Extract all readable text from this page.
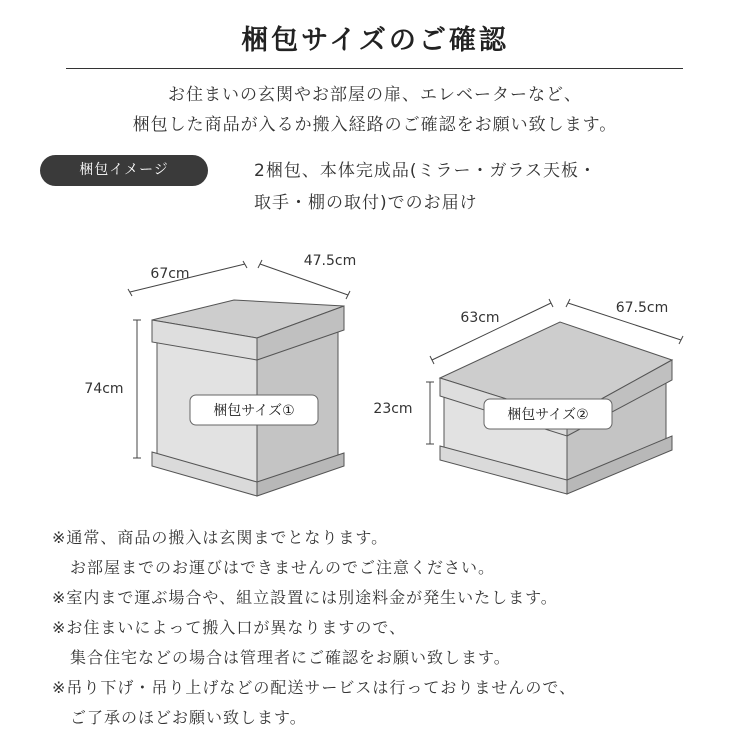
梱包サイズのご確認
お住まいの玄関やお部屋の扉、エレベーターなど、
梱包した商品が入るか搬入経路のご確認をお願い致します。
梱包イメージ	2梱包、本体完成品(ミラー・ガラス天板・
取手・棚の取付)でのお届け
67cm
47.5cm
74cm
梱包サイズ①
63cm
67.5cm
23cm	梱包サイズ②
※通常、商品の搬入は玄関までとなります。
お部屋までのお運びはできませんのでご注意ください。
※室内まで運ぶ場合や、組立設置には別途料金が発生いたします。
※お住まいによって搬入口が異なりますので、
集合住宅などの場合は管理者にご確認をお願い致します。
※吊り下げ・吊り上げなどの配送サービスは行っておりませんので、
ご了承のほどお願い致します。
